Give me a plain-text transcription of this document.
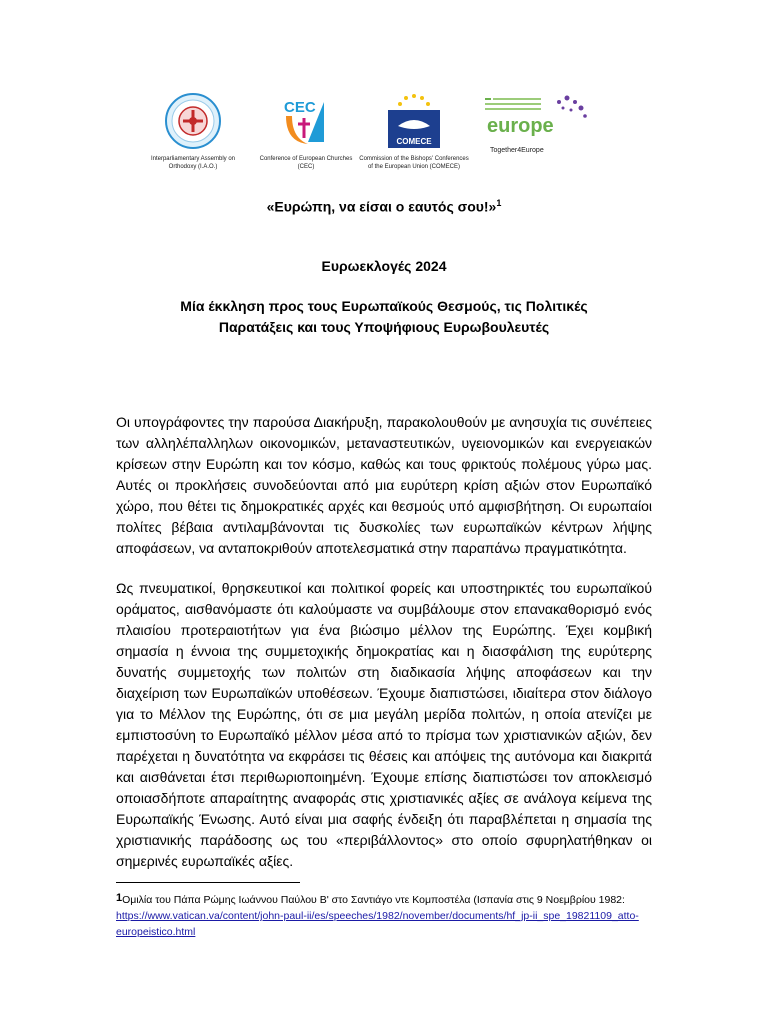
Interparliamentary Assembly on Orthodoxy (I.A.O.)
CEC
Conference of European Churches (CEC)
COMECE
Commission of the Bishops' Conferences of the European Union (COMECE)
europe
Together4Europe
«Ευρώπη, να είσαι ο εαυτός σου!»$^1$
Ευρωεκλογές 2024
Μία έκκληση προς τους Ευρωπαϊκούς Θεσμούς, τις Πολιτικές Παρατάξεις και τους Υποψήφιους Ευρωβουλευτές

Οι υπογράφοντες την παρούσα Διακήρυξη, παρακολουθούν με ανησυχία τις συνέπειες των αλληλέπαλληλων οικονομικών, μεταναστευτικών, υγειονομικών και ενεργειακών κρίσεων στην Ευρώπη και τον κόσμο, καθώς και τους φρικτούς πολέμους γύρω μας. Αυτές οι προκλήσεις συνοδεύονται από μια ευρύτερη κρίση αξιών στον Ευρωπαϊκό χώρο, που θέτει τις δημοκρατικές αρχές και θεσμούς υπό αμφισβήτηση. Οι ευρωπαίοι πολίτες βέβαια αντιλαμβάνονται τις δυσκολίες των ευρωπαϊκών κέντρων λήψης αποφάσεων, να ανταποκριθούν αποτελεσματικά στην παραπάνω πραγματικότητα.

Ως πνευματικοί, θρησκευτικοί και πολιτικοί φορείς και υποστηρικτές του ευρωπαϊκού οράματος, αισθανόμαστε ότι καλούμαστε να συμβάλουμε στον επανακαθορισμό ενός πλαισίου προτεραιοτήτων για ένα βιώσιμο μέλλον της Ευρώπης. Έχει κομβική σημασία η έννοια της συμμετοχικής δημοκρατίας και η διασφάλιση της ευρύτερης δυνατής συμμετοχής των πολιτών στη διαδικασία λήψης αποφάσεων και την διαχείριση των Ευρωπαϊκών υποθέσεων. Έχουμε διαπιστώσει, ιδιαίτερα στον διάλογο για το Μέλλον της Ευρώπης, ότι σε μια μεγάλη μερίδα πολιτών, η οποία ατενίζει με εμπιστοσύνη το Ευρωπαϊκό μέλλον μέσα από το πρίσμα των χριστιανικών αξιών, δεν παρέχεται η δυνατότητα να εκφράσει τις θέσεις και απόψεις της αυτόνομα και διακριτά και αισθάνεται έτσι περιθωριοποιημένη. Έχουμε επίσης διαπιστώσει τον αποκλεισμό οποιασδήποτε απαραίτητης αναφοράς στις χριστιανικές αξίες σε ανάλογα κείμενα της Ευρωπαϊκής Ένωσης. Αυτό είναι μια σαφής ένδειξη ότι παραβλέπεται η σημασία της χριστιανικής παράδοσης ως του «περιβάλλοντος» στο οποίο σφυρηλατήθηκαν οι σημερινές ευρωπαϊκές αξίες.

1Ομιλία του Πάπα Ρώμης Ιωάννου Παύλου Β' στο Σαντιάγο ντε Κομποστέλα (Ισπανία στις 9 Νοεμβρίου 1982: https://www.vatican.va/content/john-paul-ii/es/speeches/1982/november/documents/hf_jp-ii_spe_19821109_atto-europeistico.html
